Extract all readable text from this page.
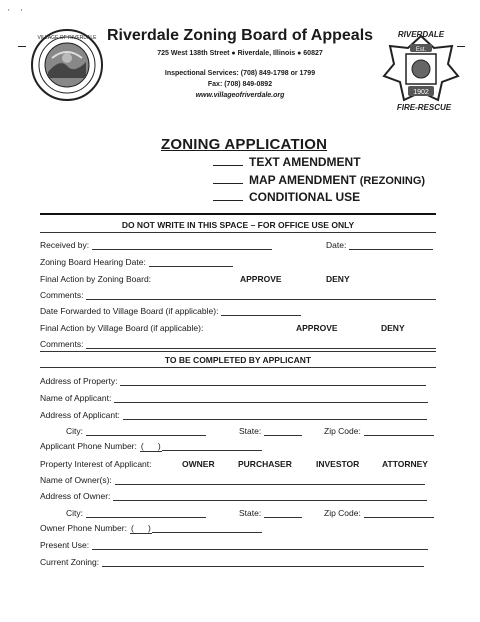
'     '
VILLAGE OF RIVERDALE
Est.
1902
RIVERDALE
FIRE-RESCUE
Riverdale Zoning Board of Appeals
725 West 138th Street ● Riverdale, Illinois ● 60827
Inspectional Services: (708) 849-1798 or 1799
Fax: (708) 849-0892
www.villageofriverdale.org
ZONING APPLICATION
TEXT AMENDMENT
MAP AMENDMENT (REZONING)
CONDITIONAL USE
DO NOT WRITE IN THIS SPACE – FOR OFFICE USE ONLY
Received by:	Date:
Zoning Board Hearing Date:
Final Action by Zoning Board:	APPROVE	DENY
Comments:
Date Forwarded to Village Board (if applicable):
Final Action by Village Board (if applicable):	APPROVE	DENY
Comments:
TO BE COMPLETED BY APPLICANT
Address of Property:
Name of Applicant:
Address of Applicant:
City:	State:	Zip Code:
Applicant Phone Number: ( )
Property Interest of Applicant:	OWNER	PURCHASER	INVESTOR	ATTORNEY
Name of Owner(s):
Address of Owner:
City:	State:	Zip Code:
Owner Phone Number: ( )
Present Use:
Current Zoning:
